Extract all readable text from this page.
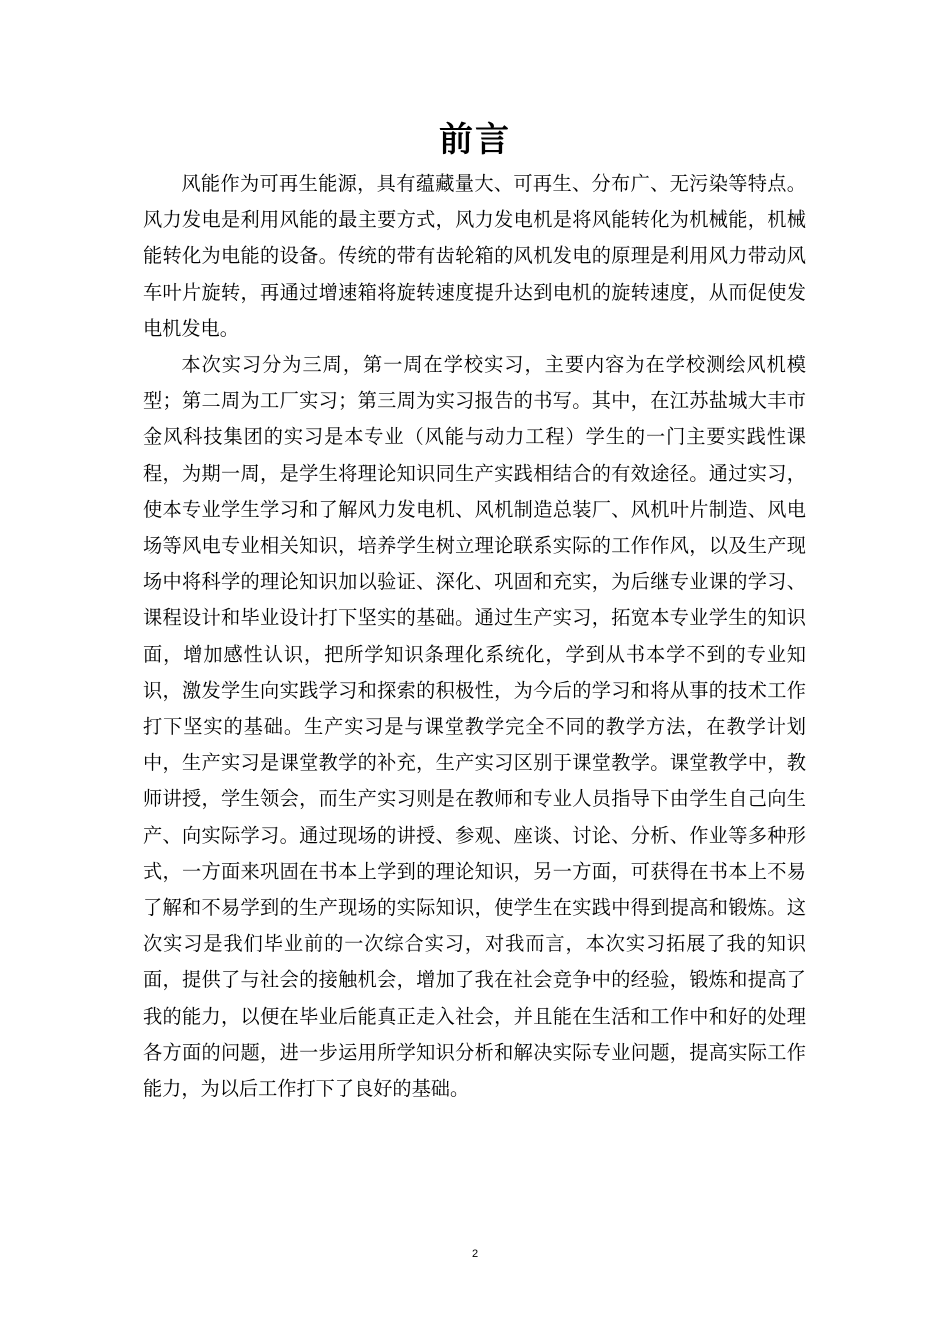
前言

风能作为可再生能源，具有蕴藏量大、可再生、分布广、无污染等特点。风力发电是利用风能的最主要方式，风力发电机是将风能转化为机械能，机械能转化为电能的设备。传统的带有齿轮箱的风机发电的原理是利用风力带动风车叶片旋转，再通过增速箱将旋转速度提升达到电机的旋转速度，从而促使发电机发电。

本次实习分为三周，第一周在学校实习，主要内容为在学校测绘风机模型；第二周为工厂实习；第三周为实习报告的书写。其中，在江苏盐城大丰市金风科技集团的实习是本专业（风能与动力工程）学生的一门主要实践性课程，为期一周，是学生将理论知识同生产实践相结合的有效途径。通过实习，使本专业学生学习和了解风力发电机、风机制造总装厂、风机叶片制造、风电场等风电专业相关知识，培养学生树立理论联系实际的工作作风，以及生产现场中将科学的理论知识加以验证、深化、巩固和充实，为后继专业课的学习、课程设计和毕业设计打下坚实的基础。通过生产实习，拓宽本专业学生的知识面，增加感性认识，把所学知识条理化系统化，学到从书本学不到的专业知识，激发学生向实践学习和探索的积极性，为今后的学习和将从事的技术工作打下坚实的基础。生产实习是与课堂教学完全不同的教学方法，在教学计划中，生产实习是课堂教学的补充，生产实习区别于课堂教学。课堂教学中，教师讲授，学生领会，而生产实习则是在教师和专业人员指导下由学生自己向生产、向实际学习。通过现场的讲授、参观、座谈、讨论、分析、作业等多种形式，一方面来巩固在书本上学到的理论知识，另一方面，可获得在书本上不易了解和不易学到的生产现场的实际知识，使学生在实践中得到提高和锻炼。这次实习是我们毕业前的一次综合实习，对我而言，本次实习拓展了我的知识面，提供了与社会的接触机会，增加了我在社会竞争中的经验，锻炼和提高了我的能力，以便在毕业后能真正走入社会，并且能在生活和工作中和好的处理各方面的问题，进一步运用所学知识分析和解决实际专业问题，提高实际工作能力，为以后工作打下了良好的基础。

2
